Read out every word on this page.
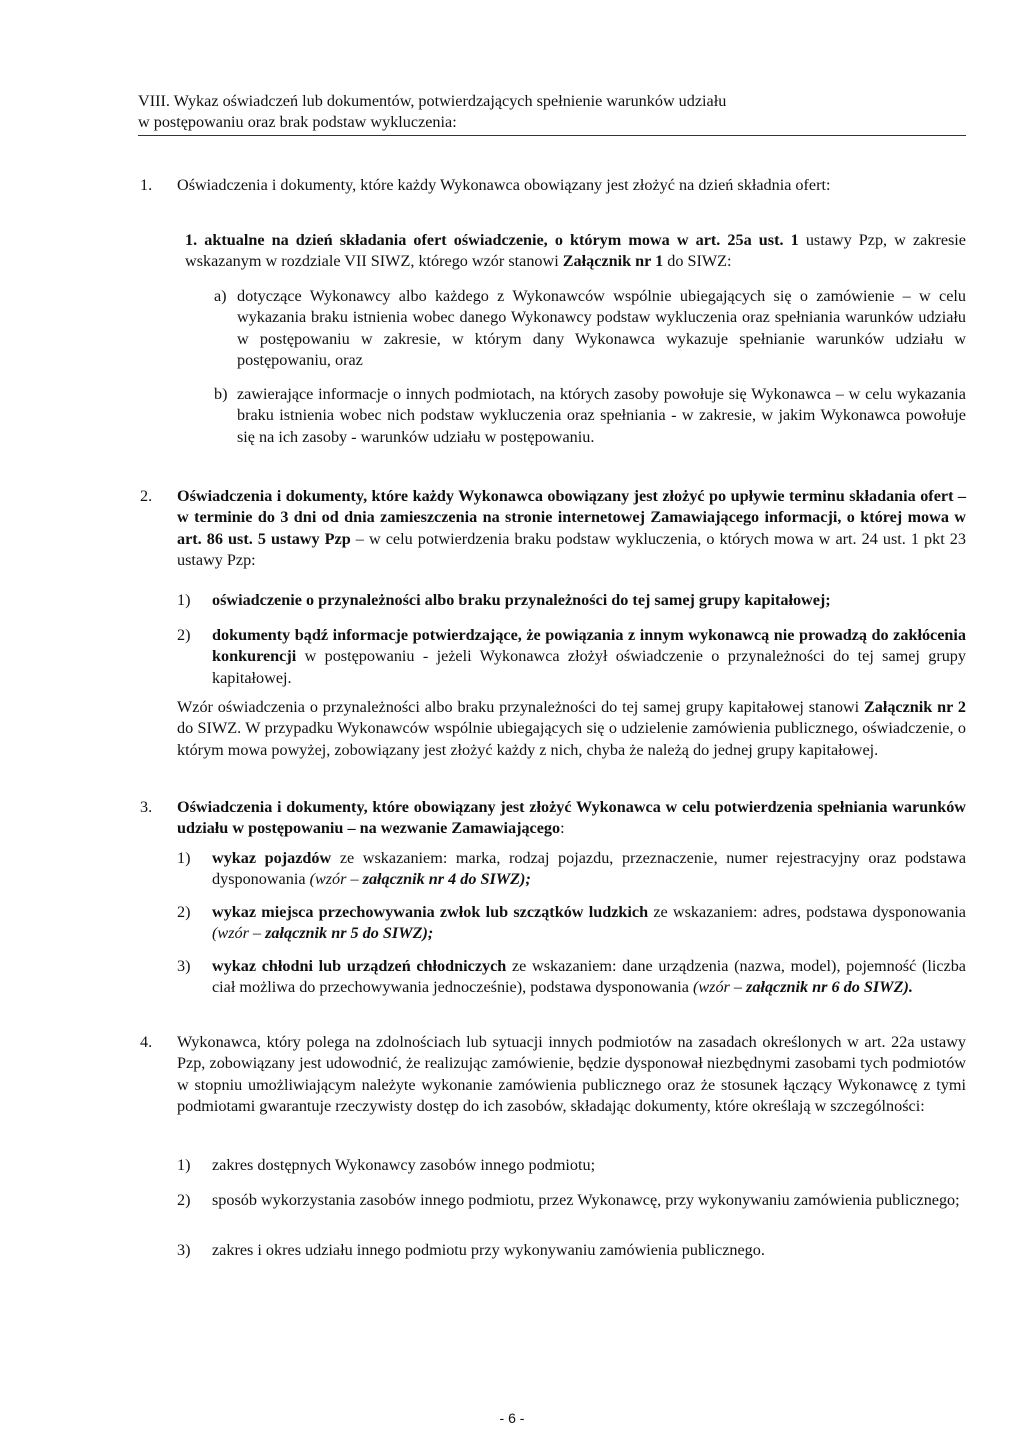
VIII. Wykaz oświadczeń lub dokumentów, potwierdzających spełnienie warunków udziału
w postępowaniu oraz brak podstaw wykluczenia:
1. Oświadczenia i dokumenty, które każdy Wykonawca obowiązany jest złożyć na dzień składnia ofert:
1. aktualne na dzień składania ofert oświadczenie, o którym mowa w art. 25a ust. 1 ustawy Pzp, w zakresie wskazanym w rozdziale VII SIWZ, którego wzór stanowi Załącznik nr 1 do SIWZ:
a) dotyczące Wykonawcy albo każdego z Wykonawców wspólnie ubiegających się o zamówienie – w celu wykazania braku istnienia wobec danego Wykonawcy podstaw wykluczenia oraz spełniania warunków udziału w postępowaniu w zakresie, w którym dany Wykonawca wykazuje spełnianie warunków udziału w postępowaniu, oraz
b) zawierające informacje o innych podmiotach, na których zasoby powołuje się Wykonawca – w celu wykazania braku istnienia wobec nich podstaw wykluczenia oraz spełniania - w zakresie, w jakim Wykonawca powołuje się na ich zasoby - warunków udziału w postępowaniu.
2. Oświadczenia i dokumenty, które każdy Wykonawca obowiązany jest złożyć po upływie terminu składania ofert – w terminie do 3 dni od dnia zamieszczenia na stronie internetowej Zamawiającego informacji, o której mowa w art. 86 ust. 5 ustawy Pzp – w celu potwierdzenia braku podstaw wykluczenia, o których mowa w art. 24 ust. 1 pkt 23 ustawy Pzp:
1) oświadczenie o przynależności albo braku przynależności do tej samej grupy kapitałowej;
2) dokumenty bądź informacje potwierdzające, że powiązania z innym wykonawcą nie prowadzą do zakłócenia konkurencji w postępowaniu - jeżeli Wykonawca złożył oświadczenie o przynależności do tej samej grupy kapitałowej.
Wzór oświadczenia o przynależności albo braku przynależności do tej samej grupy kapitałowej stanowi Załącznik nr 2 do SIWZ. W przypadku Wykonawców wspólnie ubiegających się o udzielenie zamówienia publicznego, oświadczenie, o którym mowa powyżej, zobowiązany jest złożyć każdy z nich, chyba że należą do jednej grupy kapitałowej.
3. Oświadczenia i dokumenty, które obowiązany jest złożyć Wykonawca w celu potwierdzenia spełniania warunków udziału w postępowaniu – na wezwanie Zamawiającego:
1) wykaz pojazdów ze wskazaniem: marka, rodzaj pojazdu, przeznaczenie, numer rejestracyjny oraz podstawa dysponowania (wzór – załącznik nr 4 do SIWZ);
2) wykaz miejsca przechowywania zwłok lub szczątków ludzkich ze wskazaniem: adres, podstawa dysponowania (wzór – załącznik nr 5 do SIWZ);
3) wykaz chłodni lub urządzeń chłodniczych ze wskazaniem: dane urządzenia (nazwa, model), pojemność (liczba ciał możliwa do przechowywania jednocześnie), podstawa dysponowania (wzór – załącznik nr 6 do SIWZ).
4. Wykonawca, który polega na zdolnościach lub sytuacji innych podmiotów na zasadach określonych w art. 22a ustawy Pzp, zobowiązany jest udowodnić, że realizując zamówienie, będzie dysponował niezbędnymi zasobami tych podmiotów w stopniu umożliwiającym należyte wykonanie zamówienia publicznego oraz że stosunek łączący Wykonawcę z tymi podmiotami gwarantuje rzeczywisty dostęp do ich zasobów, składając dokumenty, które określają w szczególności:
1) zakres dostępnych Wykonawcy zasobów innego podmiotu;
2) sposób wykorzystania zasobów innego podmiotu, przez Wykonawcę, przy wykonywaniu zamówienia publicznego;
3) zakres i okres udziału innego podmiotu przy wykonywaniu zamówienia publicznego.
- 6 -
